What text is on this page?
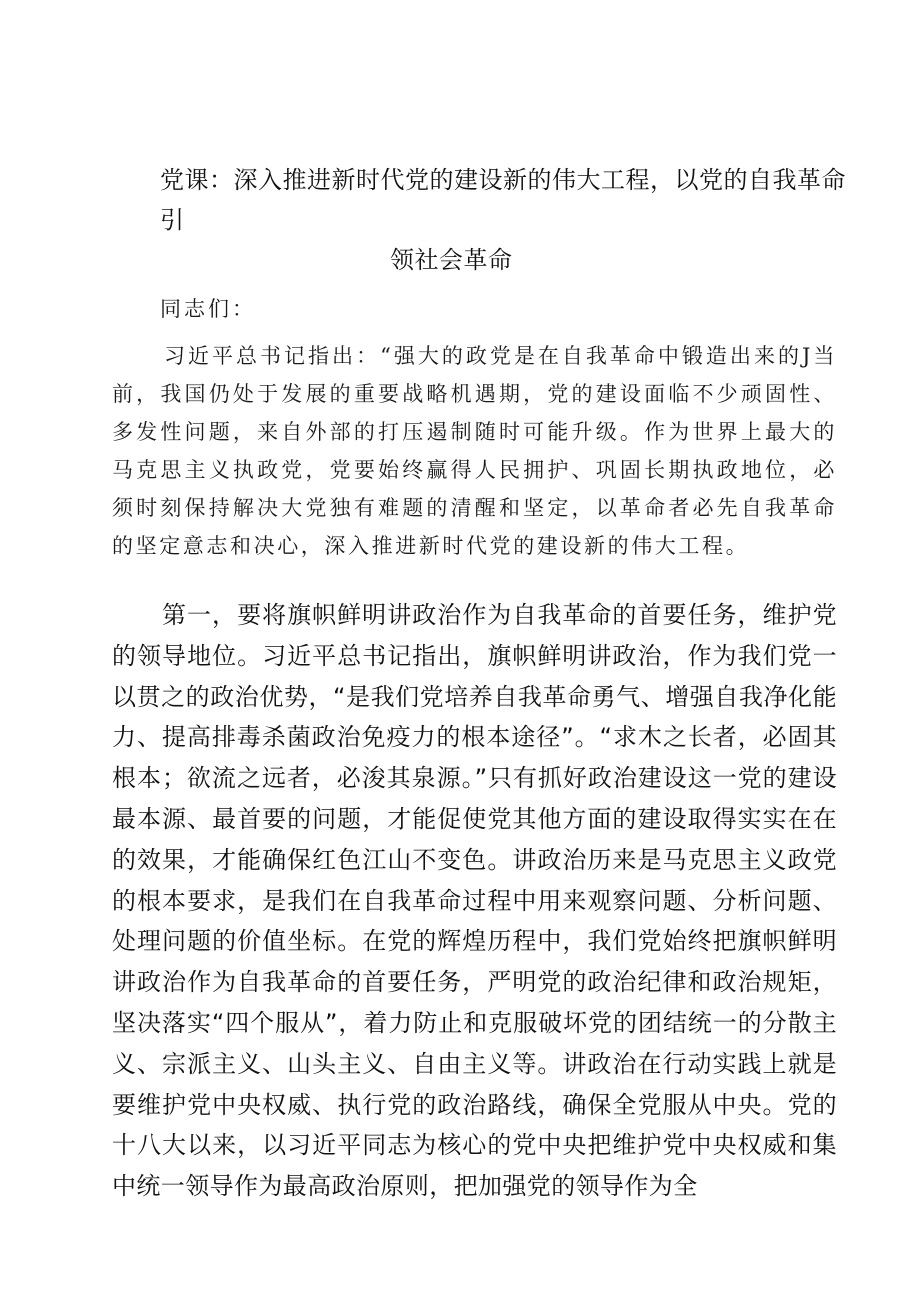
党课：深入推进新时代党的建设新的伟大工程，以党的自我革命引
领社会革命

同志们：

习近平总书记指出：“强大的政党是在自我革命中锻造出来的J当前，我国仍处于发展的重要战略机遇期，党的建设面临不少顽固性、多发性问题，来自外部的打压遏制随时可能升级。作为世界上最大的马克思主义执政党，党要始终赢得人民拥护、巩固长期执政地位，必须时刻保持解决大党独有难题的清醒和坚定，以革命者必先自我革命的坚定意志和决心，深入推进新时代党的建设新的伟大工程。

第一，要将旗帜鲜明讲政治作为自我革命的首要任务，维护党的领导地位。习近平总书记指出，旗帜鲜明讲政治，作为我们党一以贯之的政治优势，“是我们党培养自我革命勇气、增强自我净化能力、提高排毒杀菌政治免疫力的根本途径”。“求木之长者，必固其根本；欲流之远者，必浚其泉源。”只有抓好政治建设这一党的建设最本源、最首要的问题，才能促使党其他方面的建设取得实实在在的效果，才能确保红色江山不变色。讲政治历来是马克思主义政党的根本要求，是我们在自我革命过程中用来观察问题、分析问题、处理问题的价值坐标。在党的辉煌历程中，我们党始终把旗帜鲜明讲政治作为自我革命的首要任务，严明党的政治纪律和政治规矩，坚决落实“四个服从”，着力防止和克服破坏党的团结统一的分散主义、宗派主义、山头主义、自由主义等。讲政治在行动实践上就是要维护党中央权威、执行党的政治路线，确保全党服从中央。党的十八大以来，以习近平同志为核心的党中央把维护党中央权威和集中统一领导作为最高政治原则，把加强党的领导作为全
